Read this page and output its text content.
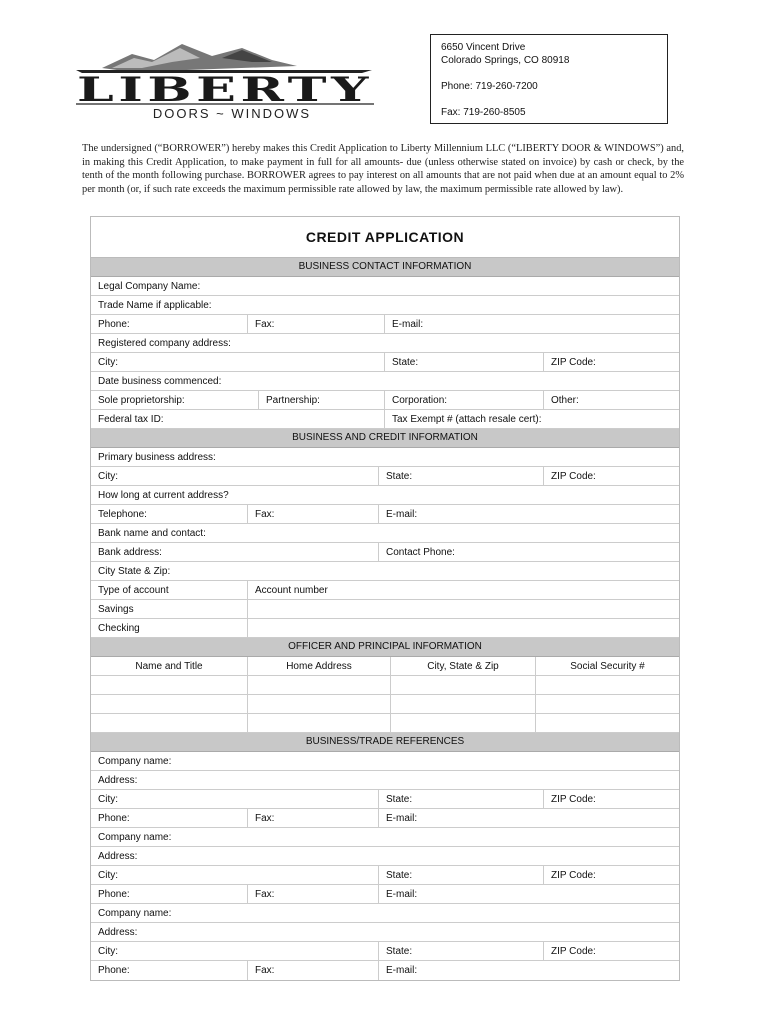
LIBERTY
DOORS ~ WINDOWS
6650 Vincent Drive
Colorado Springs, CO 80918
Phone: 719-260-7200
Fax: 719-260-8505
The undersigned (“BORROWER”) hereby makes this Credit Application to Liberty Millennium LLC (“LIBERTY DOOR & WINDOWS”) and, in making this Credit Application, to make payment in full for all amounts- due (unless otherwise stated on invoice) by cash or check, by the tenth of the month following purchase. BORROWER agrees to pay interest on all amounts that are not paid when due at an amount equal to 2% per month (or, if such rate exceeds the maximum permissible rate allowed by law, the maximum permissible rate allowed by law).
CREDIT APPLICATION
BUSINESS CONTACT INFORMATION
Legal Company Name:
Trade Name if applicable:
Phone:	Fax:	E-mail:
Registered company address:
City:	State:	ZIP Code:
Date business commenced:
Sole proprietorship:	Partnership:	Corporation:	Other:
Federal tax ID:	Tax Exempt # (attach resale cert):
BUSINESS AND CREDIT INFORMATION
Primary business address:
City:	State:	ZIP Code:
How long at current address?
Telephone:	Fax:	E-mail:
Bank name and contact:
Bank address:	Contact Phone:
City State & Zip:
Type of account	Account number
Savings
Checking
OFFICER AND PRINCIPAL INFORMATION
Name and Title	Home Address	City, State & Zip	Social Security #
BUSINESS/TRADE REFERENCES
Company name:
Address:
City:	State:	ZIP Code:
Phone:	Fax:	E-mail:
Company name:
Address:
City:	State:	ZIP Code:
Phone:	Fax:	E-mail:
Company name:
Address:
City:	State:	ZIP Code:
Phone:	Fax:	E-mail:
